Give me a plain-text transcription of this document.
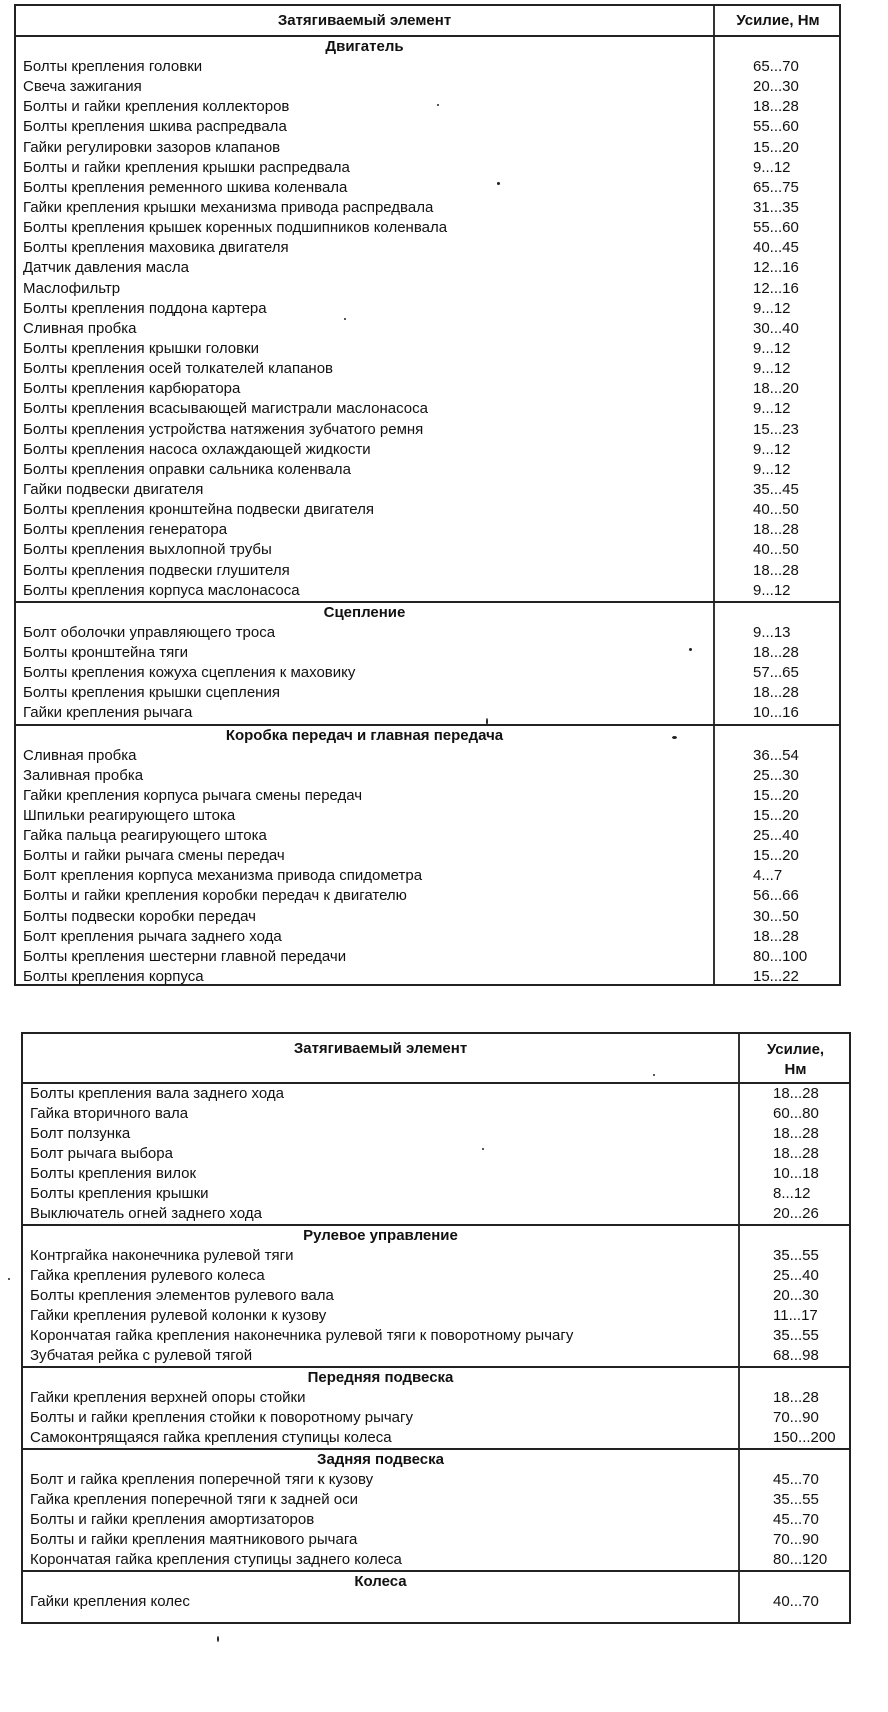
Затягиваемый элемент	Усилие, Нм
Двигатель
Болты крепления головки	65...70
Свеча зажигания	20...30
Болты и гайки крепления коллекторов	18...28
Болты крепления шкива распредвала	55...60
Гайки регулировки зазоров клапанов	15...20
Болты и гайки крепления крышки распредвала	9...12
Болты крепления ременного шкива коленвала	65...75
Гайки крепления крышки механизма привода распредвала	31...35
Болты крепления крышек коренных подшипников коленвала	55...60
Болты крепления маховика двигателя	40...45
Датчик давления масла	12...16
Маслофильтр	12...16
Болты крепления поддона картера	9...12
Сливная пробка	30...40
Болты крепления крышки головки	9...12
Болты крепления осей толкателей клапанов	9...12
Болты крепления карбюратора	18...20
Болты крепления всасывающей магистрали маслонасоса	9...12
Болты крепления устройства натяжения зубчатого ремня	15...23
Болты крепления насоса охлаждающей жидкости	9...12
Болты крепления оправки сальника коленвала	9...12
Гайки подвески двигателя	35...45
Болты крепления кронштейна подвески двигателя	40...50
Болты крепления генератора	18...28
Болты крепления выхлопной трубы	40...50
Болты крепления подвески глушителя	18...28
Болты крепления корпуса маслонасоса	9...12
Сцепление
Болт оболочки управляющего троса	9...13
Болты кронштейна тяги	18...28
Болты крепления кожуха сцепления к маховику	57...65
Болты крепления крышки сцепления	18...28
Гайки крепления рычага	10...16
Коробка передач и главная передача
Сливная пробка	36...54
Заливная пробка	25...30
Гайки крепления корпуса рычага смены передач	15...20
Шпильки реагирующего штока	15...20
Гайка пальца реагирующего штока	25...40
Болты и гайки рычага смены передач	15...20
Болт крепления корпуса механизма привода спидометра	4...7
Болты и гайки крепления коробки передач к двигателю	56...66
Болты подвески коробки передач	30...50
Болт крепления рычага заднего хода	18...28
Болты крепления шестерни главной передачи	80...100
Болты крепления корпуса	15...22
Затягиваемый элемент	Усилие,
Нм
Болты крепления вала заднего хода	18...28
Гайка вторичного вала	60...80
Болт ползунка	18...28
Болт рычага выбора	18...28
Болты крепления вилок	10...18
Болты крепления крышки	8...12
Выключатель огней заднего хода	20...26
Рулевое управление
Контргайка наконечника рулевой тяги	35...55
Гайка крепления рулевого колеса	25...40
Болты крепления элементов рулевого вала	20...30
Гайки крепления рулевой колонки к кузову	11...17
Корончатая гайка крепления наконечника рулевой тяги к поворотному рычагу	35...55
Зубчатая рейка с рулевой тягой	68...98
Передняя подвеска
Гайки крепления верхней опоры стойки	18...28
Болты и гайки крепления стойки к поворотному рычагу	70...90
Самоконтрящаяся гайка крепления ступицы колеса	150...200
Задняя подвеска
Болт и гайка крепления поперечной тяги к кузову	45...70
Гайка крепления поперечной тяги к задней оси	35...55
Болты и гайки крепления амортизаторов	45...70
Болты и гайки крепления маятникового рычага	70...90
Корончатая гайка крепления ступицы заднего колеса	80...120
Колеса
Гайки крепления колес	40...70
